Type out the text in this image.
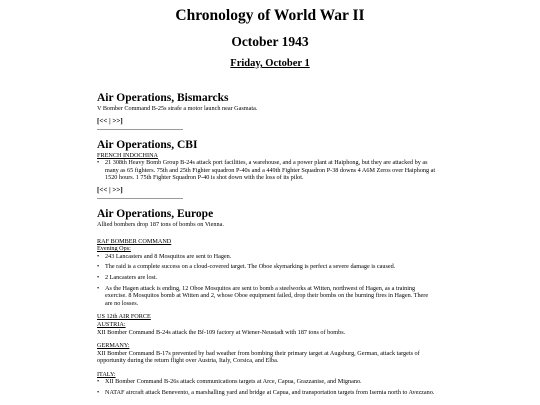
Chronology of World War II
October 1943
Friday, October 1
Air Operations, Bismarcks
V Bomber Command B-25s strafe a motor launch near Gasmata.
[<< | >>]
Air Operations, CBI
FRENCH INDOCHINA
• 21 308th Heavy Bomb Group B-24s attack port facilities, a warehouse, and a power plant at Haiphong, but they are attacked by as many as 65 fighters. 75th and 25th Fighter squadron P-40s and a 449th Fighter Squadron P-38 downs 4 A6M Zeros over Haiphong at 1520 hours. 1 75th Fighter Squadron P-40 is shot down with the loss of its pilot.
[<< | >>]
Air Operations, Europe
Allied bombers drop 187 tons of bombs on Vienna.
RAF BOMBER COMMAND
Evening Ops:
• 243 Lancasters and 8 Mosquitos are sent to Hagen.
• The raid is a complete success on a cloud-covered target. The Oboe skymarking is perfect a severe damage is caused.
• 2 Lancasters are lost.
• As the Hagen attack is ending, 12 Oboe Mosquitos are sent to bomb a steelworks at Witten, northwest of Hagen, as a training exercise. 8 Mosquitos bomb at Witten and 2, whose Oboe equipment failed, drop their bombs on the burning fires in Hagen. There are no losses.
US 12th AIR FORCE
AUSTRIA:
XII Bomber Command B-24s attack the Bf-109 factory at Wiener-Neustadt with 187 tons of bombs.
GERMANY:
XII Bomber Command B-17s prevented by bad weather from bombing their primary target at Augsburg, German, attack targets of opportunity during the return flight over Austria, Italy, Corsica, and Elba.
ITALY:
• XII Bomber Command B-26s attack communications targets at Arce, Capua, Grazzanise, and Mignano.
• NATAF aircraft attack Benevento, a marshalling yard and bridge at Capua, and transportation targets from Isernia north to Avezzano.
